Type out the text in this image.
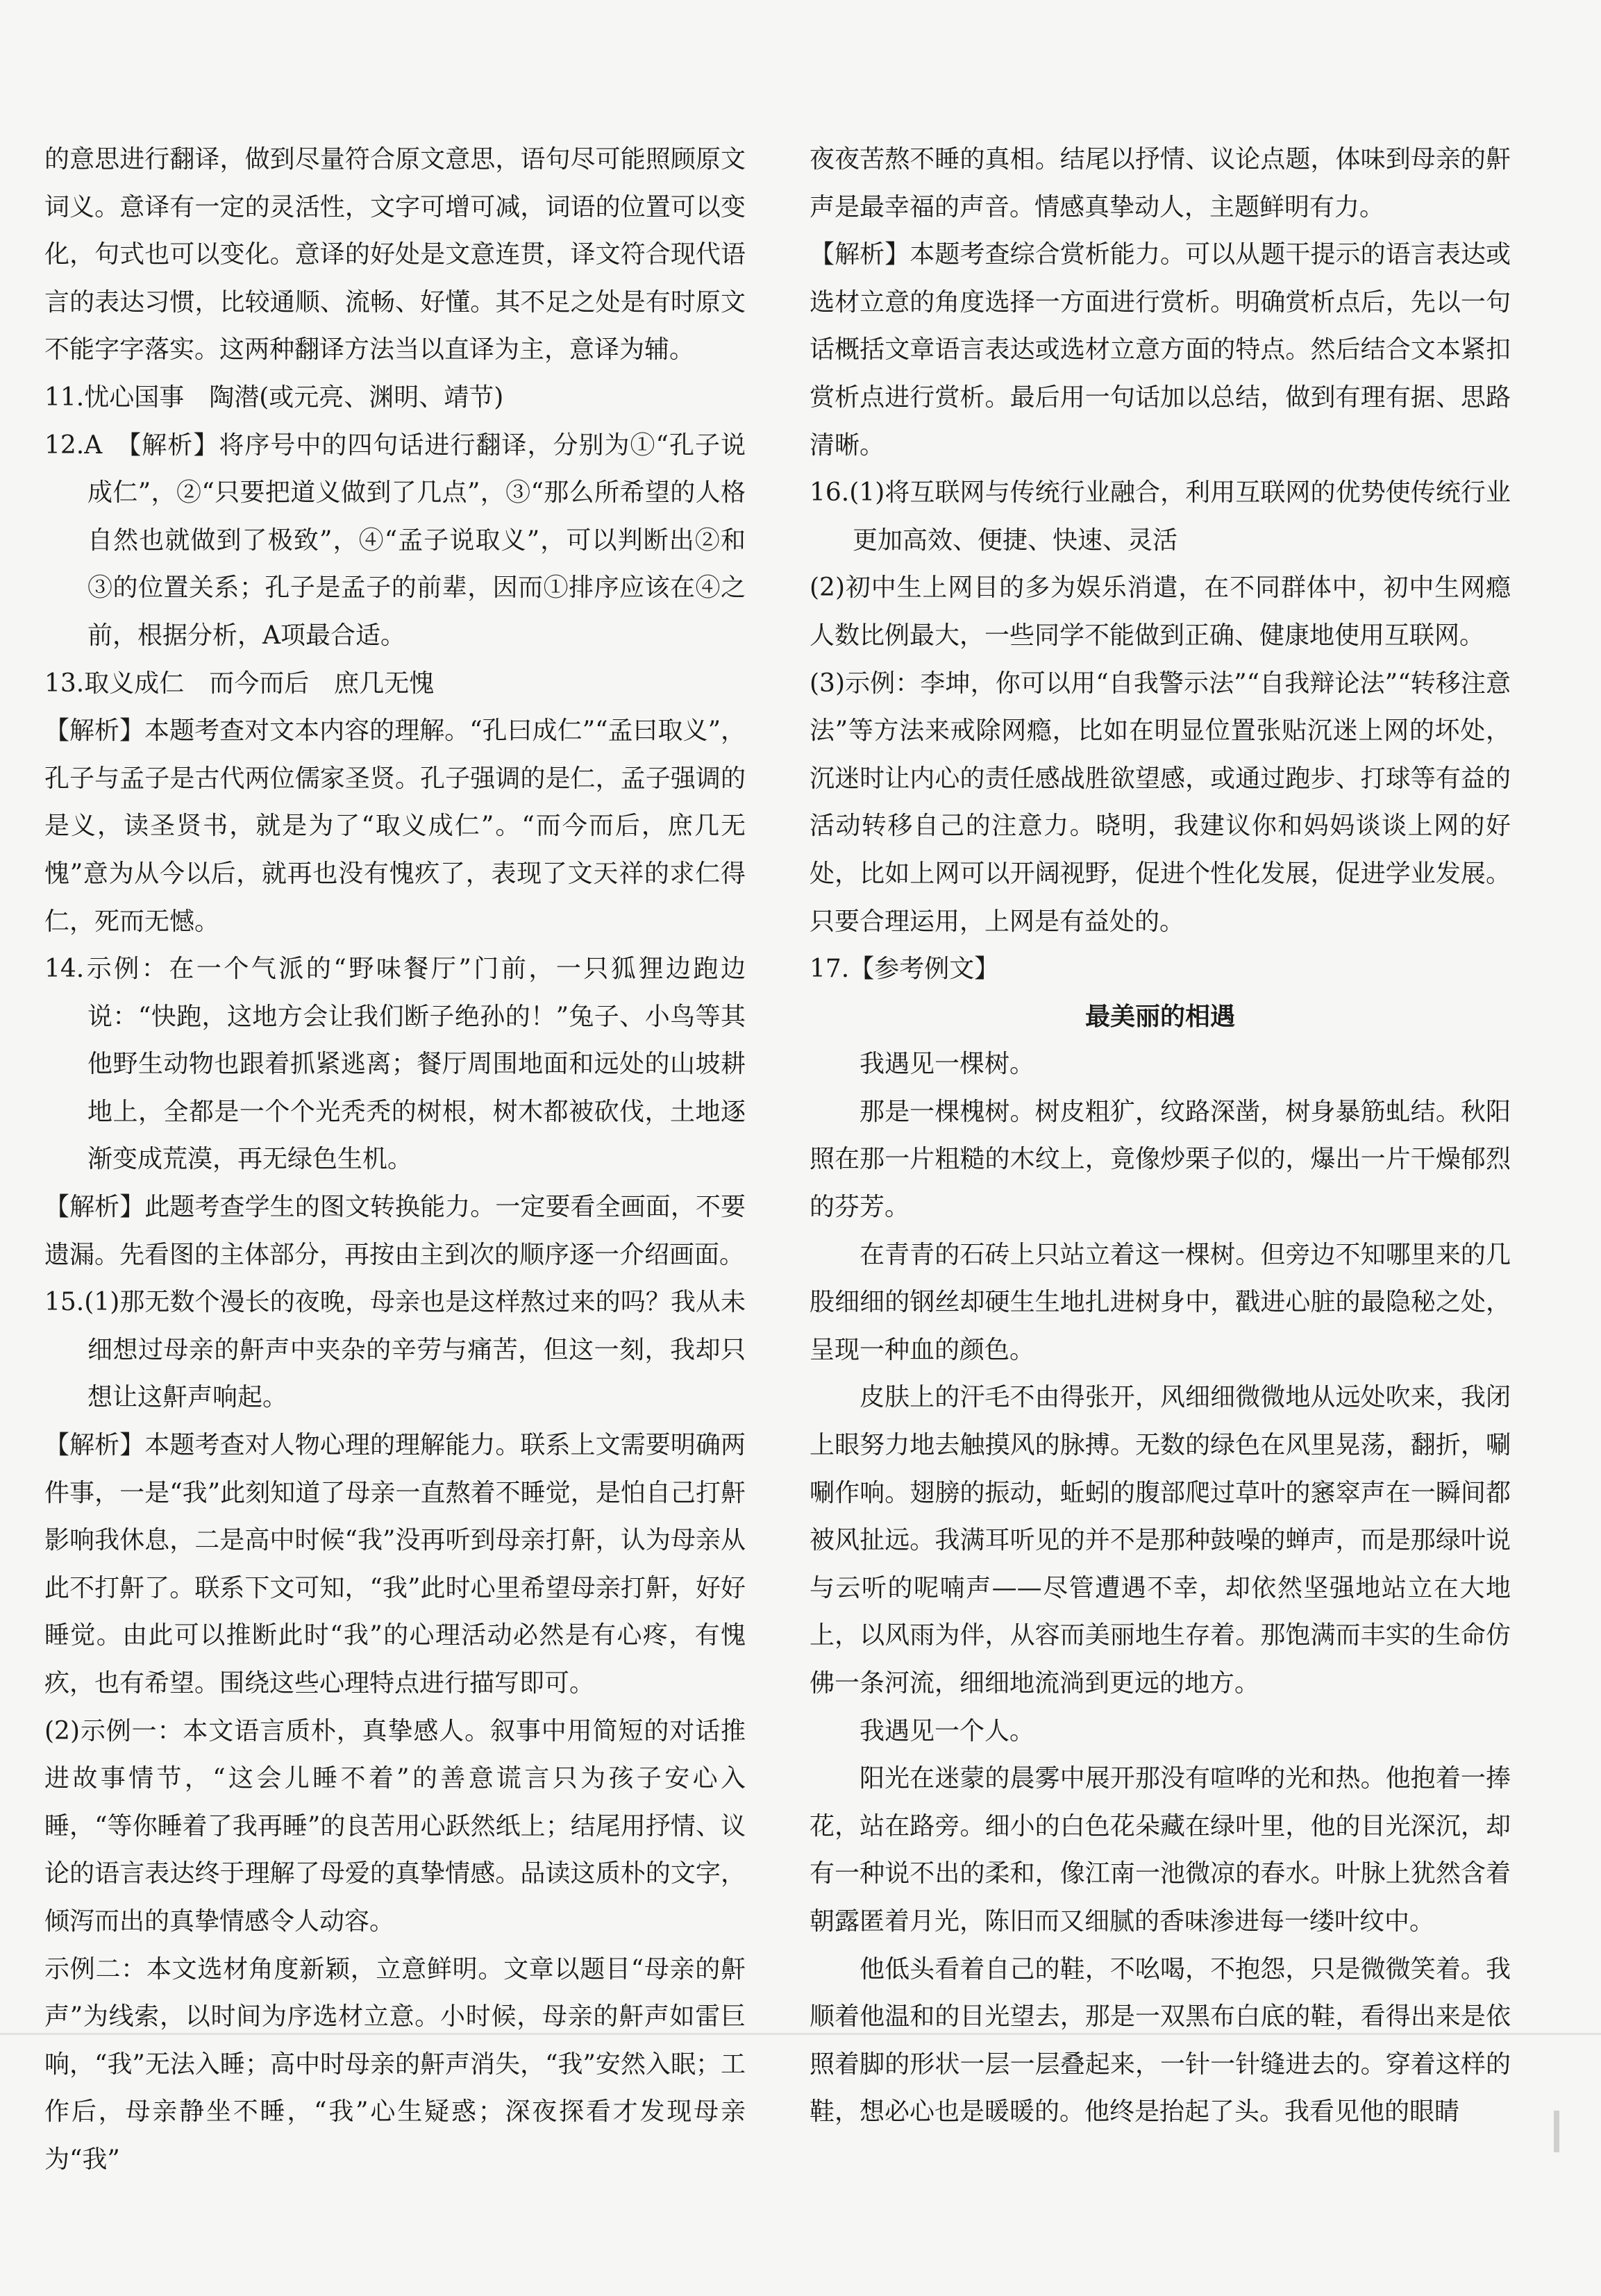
的意思进行翻译，做到尽量符合原文意思，语句尽可能照顾原文词义。意译有一定的灵活性，文字可增可减，词语的位置可以变化，句式也可以变化。意译的好处是文意连贯，译文符合现代语言的表达习惯，比较通顺、流畅、好懂。其不足之处是有时原文不能字字落实。这两种翻译方法当以直译为主，意译为辅。

11.忧心国事　陶潜(或元亮、渊明、靖节)

12.A　【解析】将序号中的四句话进行翻译，分别为①“孔子说成仁”，②“只要把道义做到了几点”，③“那么所希望的人格自然也就做到了极致”，④“孟子说取义”，可以判断出②和③的位置关系；孔子是孟子的前辈，因而①排序应该在④之前，根据分析，A项最合适。

13.取义成仁　而今而后　庶几无愧

【解析】本题考查对文本内容的理解。“孔曰成仁”“孟曰取义”，孔子与孟子是古代两位儒家圣贤。孔子强调的是仁，孟子强调的是义，读圣贤书，就是为了“取义成仁”。“而今而后，庶几无愧”意为从今以后，就再也没有愧疚了，表现了文天祥的求仁得仁，死而无憾。

14.示例：在一个气派的“野味餐厅”门前，一只狐狸边跑边说：“快跑，这地方会让我们断子绝孙的！”兔子、小鸟等其他野生动物也跟着抓紧逃离；餐厅周围地面和远处的山坡耕地上，全都是一个个光秃秃的树根，树木都被砍伐，土地逐渐变成荒漠，再无绿色生机。

【解析】此题考查学生的图文转换能力。一定要看全画面，不要遗漏。先看图的主体部分，再按由主到次的顺序逐一介绍画面。

15.(1)那无数个漫长的夜晚，母亲也是这样熬过来的吗？我从未细想过母亲的鼾声中夹杂的辛劳与痛苦，但这一刻，我却只想让这鼾声响起。

【解析】本题考查对人物心理的理解能力。联系上文需要明确两件事，一是“我”此刻知道了母亲一直熬着不睡觉，是怕自己打鼾影响我休息，二是高中时候“我”没再听到母亲打鼾，认为母亲从此不打鼾了。联系下文可知，“我”此时心里希望母亲打鼾，好好睡觉。由此可以推断此时“我”的心理活动必然是有心疼，有愧疚，也有希望。围绕这些心理特点进行描写即可。

(2)示例一：本文语言质朴，真挚感人。叙事中用简短的对话推进故事情节，“这会儿睡不着”的善意谎言只为孩子安心入睡，“等你睡着了我再睡”的良苦用心跃然纸上；结尾用抒情、议论的语言表达终于理解了母爱的真挚情感。品读这质朴的文字，倾泻而出的真挚情感令人动容。

示例二：本文选材角度新颖，立意鲜明。文章以题目“母亲的鼾声”为线索，以时间为序选材立意。小时候，母亲的鼾声如雷巨响，“我”无法入睡；高中时母亲的鼾声消失，“我”安然入眠；工作后，母亲静坐不睡，“我”心生疑惑；深夜探看才发现母亲为“我”

夜夜苦熬不睡的真相。结尾以抒情、议论点题，体味到母亲的鼾声是最幸福的声音。情感真挚动人，主题鲜明有力。

【解析】本题考查综合赏析能力。可以从题干提示的语言表达或选材立意的角度选择一方面进行赏析。明确赏析点后，先以一句话概括文章语言表达或选材立意方面的特点。然后结合文本紧扣赏析点进行赏析。最后用一句话加以总结，做到有理有据、思路清晰。

16.(1)将互联网与传统行业融合，利用互联网的优势使传统行业更加高效、便捷、快速、灵活

(2)初中生上网目的多为娱乐消遣，在不同群体中，初中生网瘾人数比例最大，一些同学不能做到正确、健康地使用互联网。

(3)示例：李坤，你可以用“自我警示法”“自我辩论法”“转移注意法”等方法来戒除网瘾，比如在明显位置张贴沉迷上网的坏处，沉迷时让内心的责任感战胜欲望感，或通过跑步、打球等有益的活动转移自己的注意力。晓明，我建议你和妈妈谈谈上网的好处，比如上网可以开阔视野，促进个性化发展，促进学业发展。只要合理运用，上网是有益处的。

17.【参考例文】

最美丽的相遇

我遇见一棵树。

那是一棵槐树。树皮粗犷，纹路深凿，树身暴筋虬结。秋阳照在那一片粗糙的木纹上，竟像炒栗子似的，爆出一片干燥郁烈的芬芳。

在青青的石砖上只站立着这一棵树。但旁边不知哪里来的几股细细的钢丝却硬生生地扎进树身中，戳进心脏的最隐秘之处，呈现一种血的颜色。

皮肤上的汗毛不由得张开，风细细微微地从远处吹来，我闭上眼努力地去触摸风的脉搏。无数的绿色在风里晃荡，翻折，唰唰作响。翅膀的振动，蚯蚓的腹部爬过草叶的窸窣声在一瞬间都被风扯远。我满耳听见的并不是那种鼓噪的蝉声，而是那绿叶说与云听的呢喃声——尽管遭遇不幸，却依然坚强地站立在大地上，以风雨为伴，从容而美丽地生存着。那饱满而丰实的生命仿佛一条河流，细细地流淌到更远的地方。

我遇见一个人。

阳光在迷蒙的晨雾中展开那没有喧哗的光和热。他抱着一捧花，站在路旁。细小的白色花朵藏在绿叶里，他的目光深沉，却有一种说不出的柔和，像江南一池微凉的春水。叶脉上犹然含着朝露匿着月光，陈旧而又细腻的香味渗进每一缕叶纹中。

他低头看着自己的鞋，不吆喝，不抱怨，只是微微笑着。我顺着他温和的目光望去，那是一双黑布白底的鞋，看得出来是依照着脚的形状一层一层叠起来，一针一针缝进去的。穿着这样的鞋，想必心也是暖暖的。他终是抬起了头。我看见他的眼睛
